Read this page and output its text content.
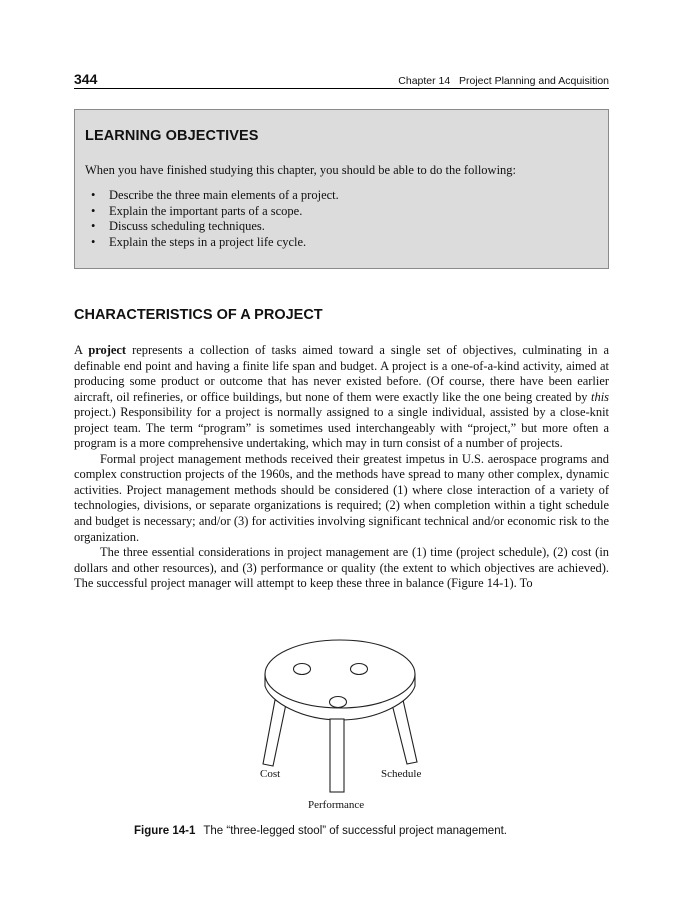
344	Chapter 14   Project Planning and Acquisition
LEARNING OBJECTIVES
When you have finished studying this chapter, you should be able to do the following:
• Describe the three main elements of a project.
• Explain the important parts of a scope.
• Discuss scheduling techniques.
• Explain the steps in a project life cycle.
CHARACTERISTICS OF A PROJECT

A project represents a collection of tasks aimed toward a single set of objectives, culminating in a definable end point and having a finite life span and budget. A project is a one-of-a-kind activity, aimed at producing some product or outcome that has never existed before. (Of course, there have been earlier aircraft, oil refineries, or office buildings, but none of them were exactly like the one being created by this project.) Responsibility for a project is normally assigned to a single individual, assisted by a close-knit project team. The term “program” is sometimes used interchangeably with “project,” but more often a program is a more comprehensive undertaking, which may in turn consist of a number of projects.

Formal project management methods received their greatest impetus in U.S. aerospace programs and complex construction projects of the 1960s, and the methods have spread to many other complex, dynamic activities. Project management methods should be considered (1) where close interaction of a variety of technologies, divisions, or separate organizations is required; (2) when completion within a tight schedule and budget is necessary; and/or (3) for activities involving significant technical and/or economic risk to the organization.

The three essential considerations in project management are (1) time (project schedule), (2) cost (in dollars and other resources), and (3) performance or quality (the extent to which objectives are achieved). The successful project manager will attempt to keep these three in balance (Figure 14-1). To

Cost	Schedule
Performance
Figure 14-1 The “three-legged stool” of successful project management.
